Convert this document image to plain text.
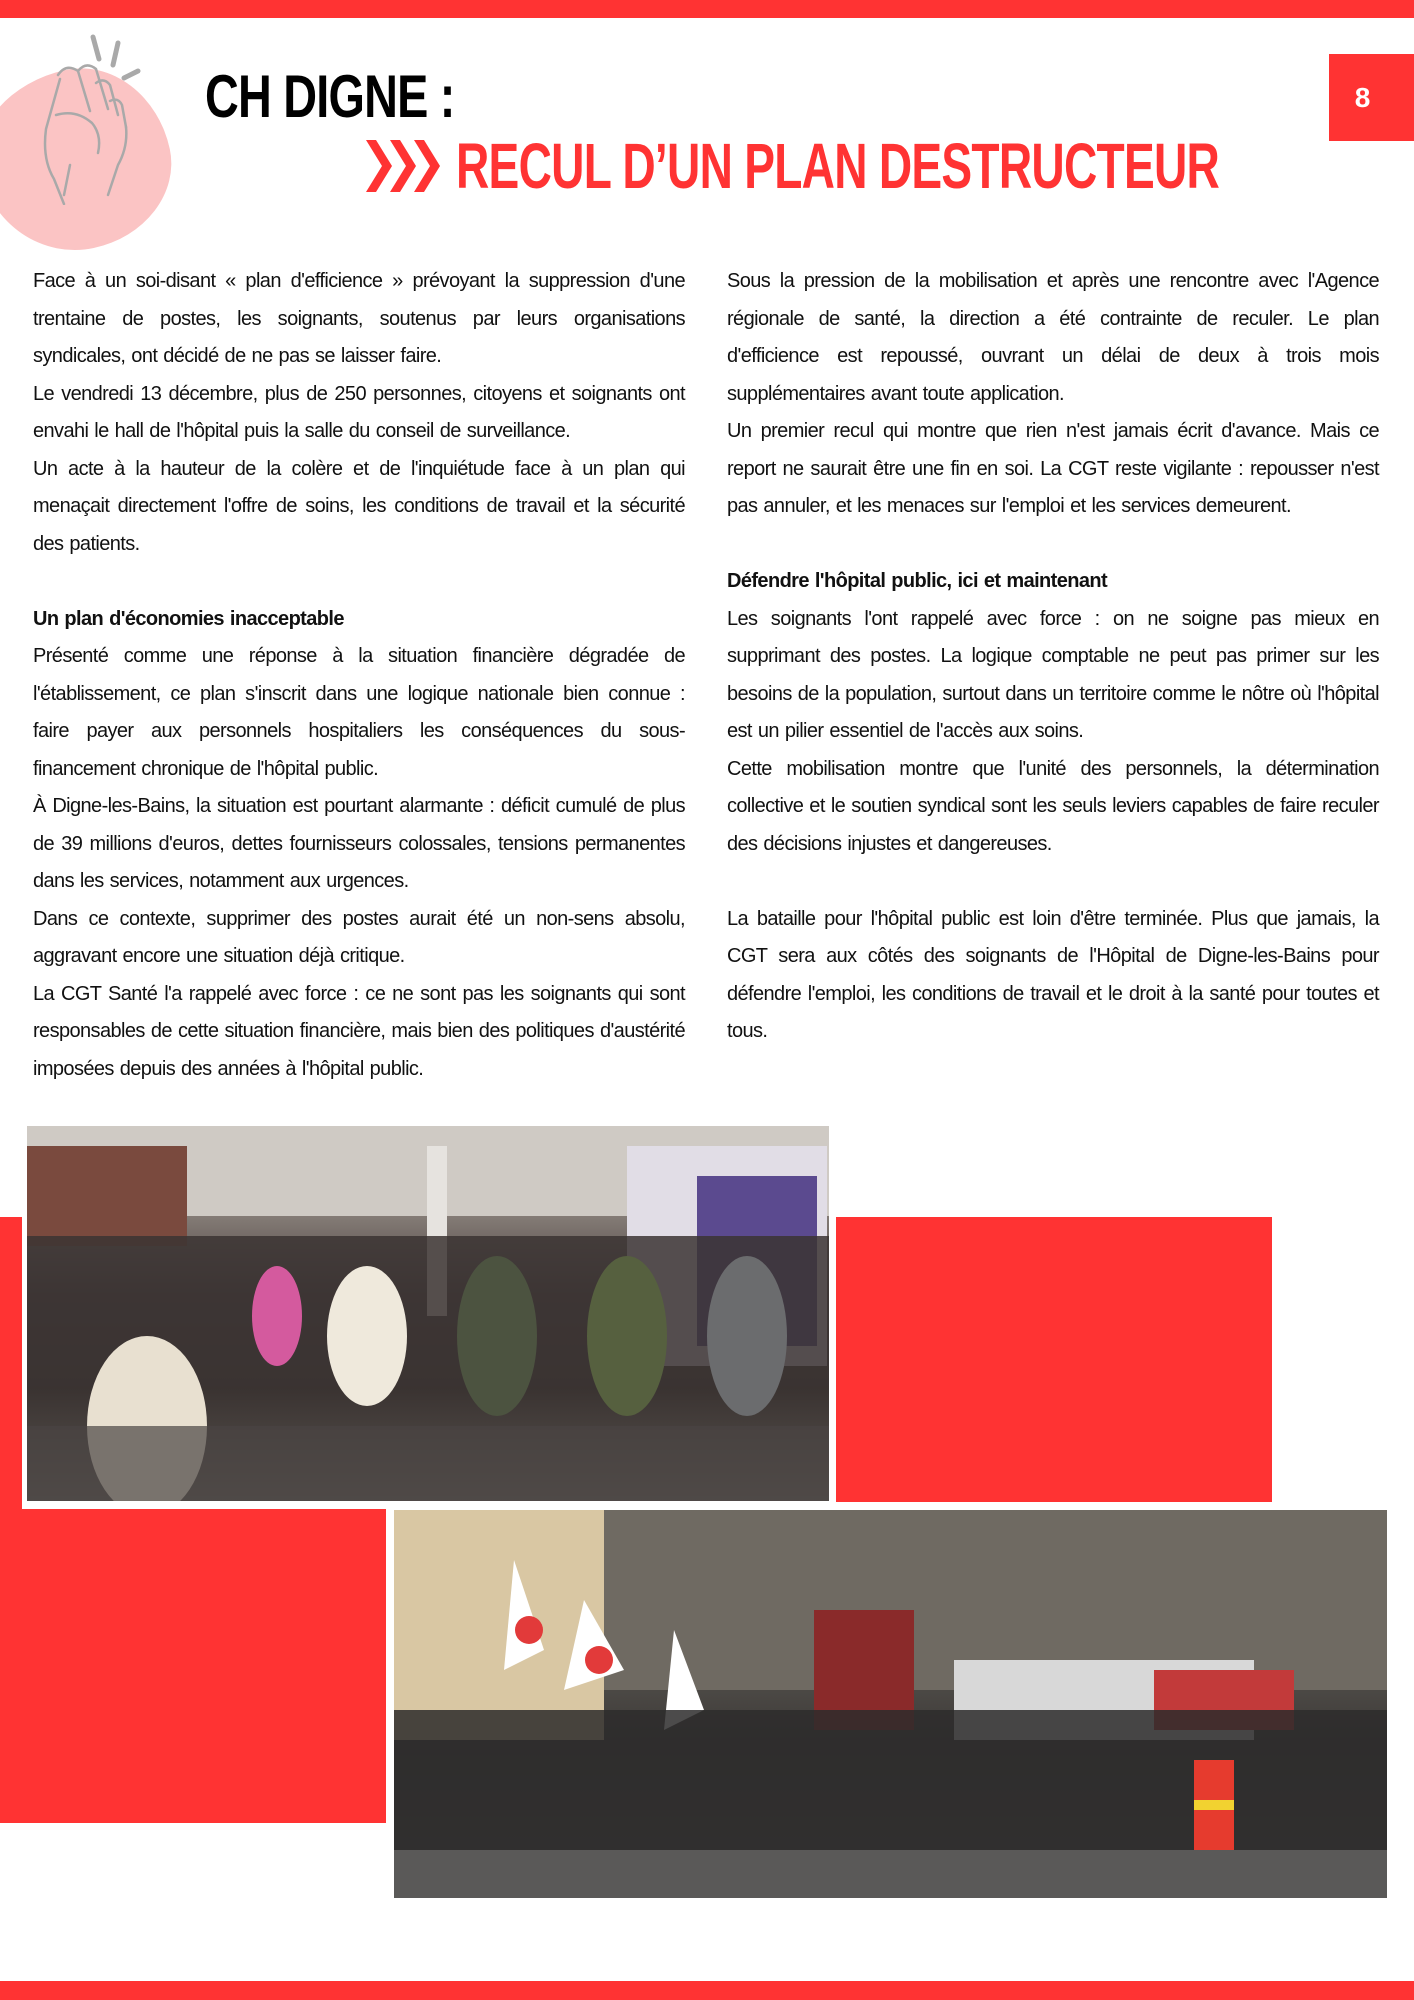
CH DIGNE :
RECUL D’UN PLAN DESTRUCTEUR
8

Face à un soi-disant « plan d'efficience » prévoyant la suppression d'une trentaine de postes, les soignants, soutenus par leurs organisations syndicales, ont décidé de ne pas se laisser faire.

Le vendredi 13 décembre, plus de 250 personnes, citoyens et soignants ont envahi le hall de l'hôpital puis la salle du conseil de surveillance.

Un acte à la hauteur de la colère et de l'inquiétude face à un plan qui menaçait directement l'offre de soins, les conditions de travail et la sécurité des patients.

Un plan d'économies inacceptable

Présenté comme une réponse à la situation financière dégradée de l'établissement, ce plan s'inscrit dans une logique nationale bien connue : faire payer aux personnels hospitaliers les conséquences du sous-financement chronique de l'hôpital public.

À Digne-les-Bains, la situation est pourtant alarmante : déficit cumulé de plus de 39 millions d'euros, dettes fournisseurs colossales, tensions permanentes dans les services, notamment aux urgences.

Dans ce contexte, supprimer des postes aurait été un non-sens absolu, aggravant encore une situation déjà critique.

La CGT Santé l'a rappelé avec force : ce ne sont pas les soignants qui sont responsables de cette situation financière, mais bien des politiques d'austérité imposées depuis des années à l'hôpital public.

Sous la pression de la mobilisation et après une rencontre avec l'Agence régionale de santé, la direction a été contrainte de reculer. Le plan d'efficience est repoussé, ouvrant un délai de deux à trois mois supplémentaires avant toute application.

Un premier recul qui montre que rien n'est jamais écrit d'avance. Mais ce report ne saurait être une fin en soi. La CGT reste vigilante : repousser n'est pas annuler, et les menaces sur l'emploi et les services demeurent.

Défendre l'hôpital public, ici et maintenant

Les soignants l'ont rappelé avec force : on ne soigne pas mieux en supprimant des postes. La logique comptable ne peut pas primer sur les besoins de la population, surtout dans un territoire comme le nôtre où l'hôpital est un pilier essentiel de l'accès aux soins.

Cette mobilisation montre que l'unité des personnels, la détermination collective et le soutien syndical sont les seuls leviers capables de faire reculer des décisions injustes et dangereuses.

La bataille pour l'hôpital public est loin d'être terminée. Plus que jamais, la CGT sera aux côtés des soignants de l'Hôpital de Digne-les-Bains pour défendre l'emploi, les conditions de travail et le droit à la santé pour toutes et tous.
